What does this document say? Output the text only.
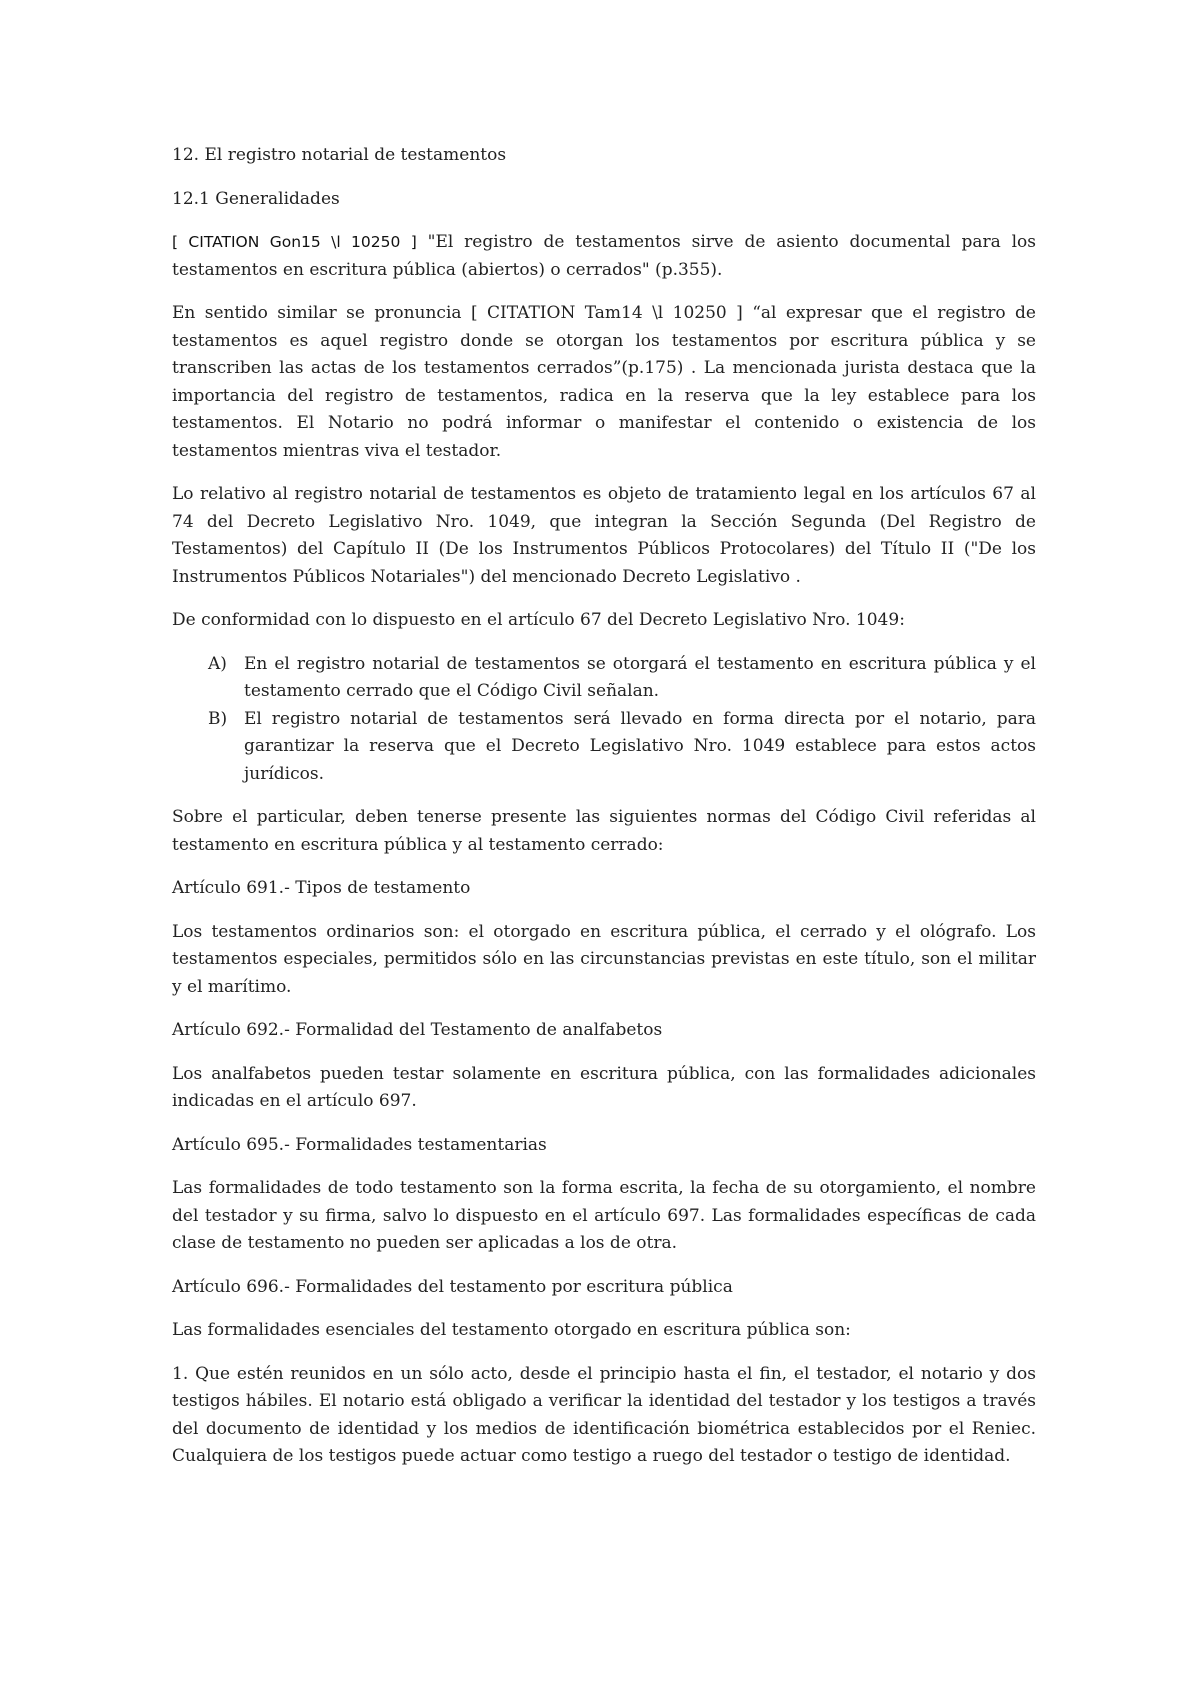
12. El registro notarial de testamentos

12.1 Generalidades

[ CITATION Gon15 \l 10250 ] "El registro de testamentos sirve de asiento documental para los testamentos en escritura pública (abiertos) o cerrados" (p.355).

En sentido similar se pronuncia [ CITATION Tam14 \l 10250 ] “al expresar que el registro de testamentos es aquel registro donde se otorgan los testamentos por escritura pública y se transcriben las actas de los testamentos cerrados”(p.175) . La mencionada jurista destaca que la importancia del registro de testamentos, radica en la reserva que la ley establece para los testamentos. El Notario no podrá informar o manifestar el contenido o existencia de los testamentos mientras viva el testador.

Lo relativo al registro notarial de testamentos es objeto de tratamiento legal en los artículos 67 al 74 del Decreto Legislativo Nro. 1049, que integran la Sección Segunda (Del Registro de Testamentos) del Capítulo II (De los Instrumentos Públicos Protocolares) del Título II ("De los Instrumentos Públicos Notariales") del mencionado Decreto Legislativo .

De conformidad con lo dispuesto en el artículo 67 del Decreto Legislativo Nro. 1049:

A)	En el registro notarial de testamentos se otorgará el testamento en escritura pública y el testamento cerrado que el Código Civil señalan.
B) El registro notarial de testamentos será llevado en forma directa por el notario, para garantizar la reserva que el Decreto Legislativo Nro. 1049 establece para estos actos jurídicos.

Sobre el particular, deben tenerse presente las siguientes normas del Código Civil referidas al testamento en escritura pública y al testamento cerrado:

Artículo 691.- Tipos de testamento

Los testamentos ordinarios son: el otorgado en escritura pública, el cerrado y el ológrafo. Los testamentos especiales, permitidos sólo en las circunstancias previstas en este título, son el militar y el marítimo.

Artículo 692.- Formalidad del Testamento de analfabetos

Los analfabetos pueden testar solamente en escritura pública, con las formalidades adicionales indicadas en el artículo 697.

Artículo 695.- Formalidades testamentarias

Las formalidades de todo testamento son la forma escrita, la fecha de su otorgamiento, el nombre del testador y su firma, salvo lo dispuesto en el artículo 697. Las formalidades específicas de cada clase de testamento no pueden ser aplicadas a los de otra.

Artículo 696.- Formalidades del testamento por escritura pública

Las formalidades esenciales del testamento otorgado en escritura pública son:

1. Que estén reunidos en un sólo acto, desde el principio hasta el fin, el testador, el notario y dos testigos hábiles. El notario está obligado a verificar la identidad del testador y los testigos a través del documento de identidad y los medios de identificación biométrica establecidos por el Reniec. Cualquiera de los testigos puede actuar como testigo a ruego del testador o testigo de identidad.
